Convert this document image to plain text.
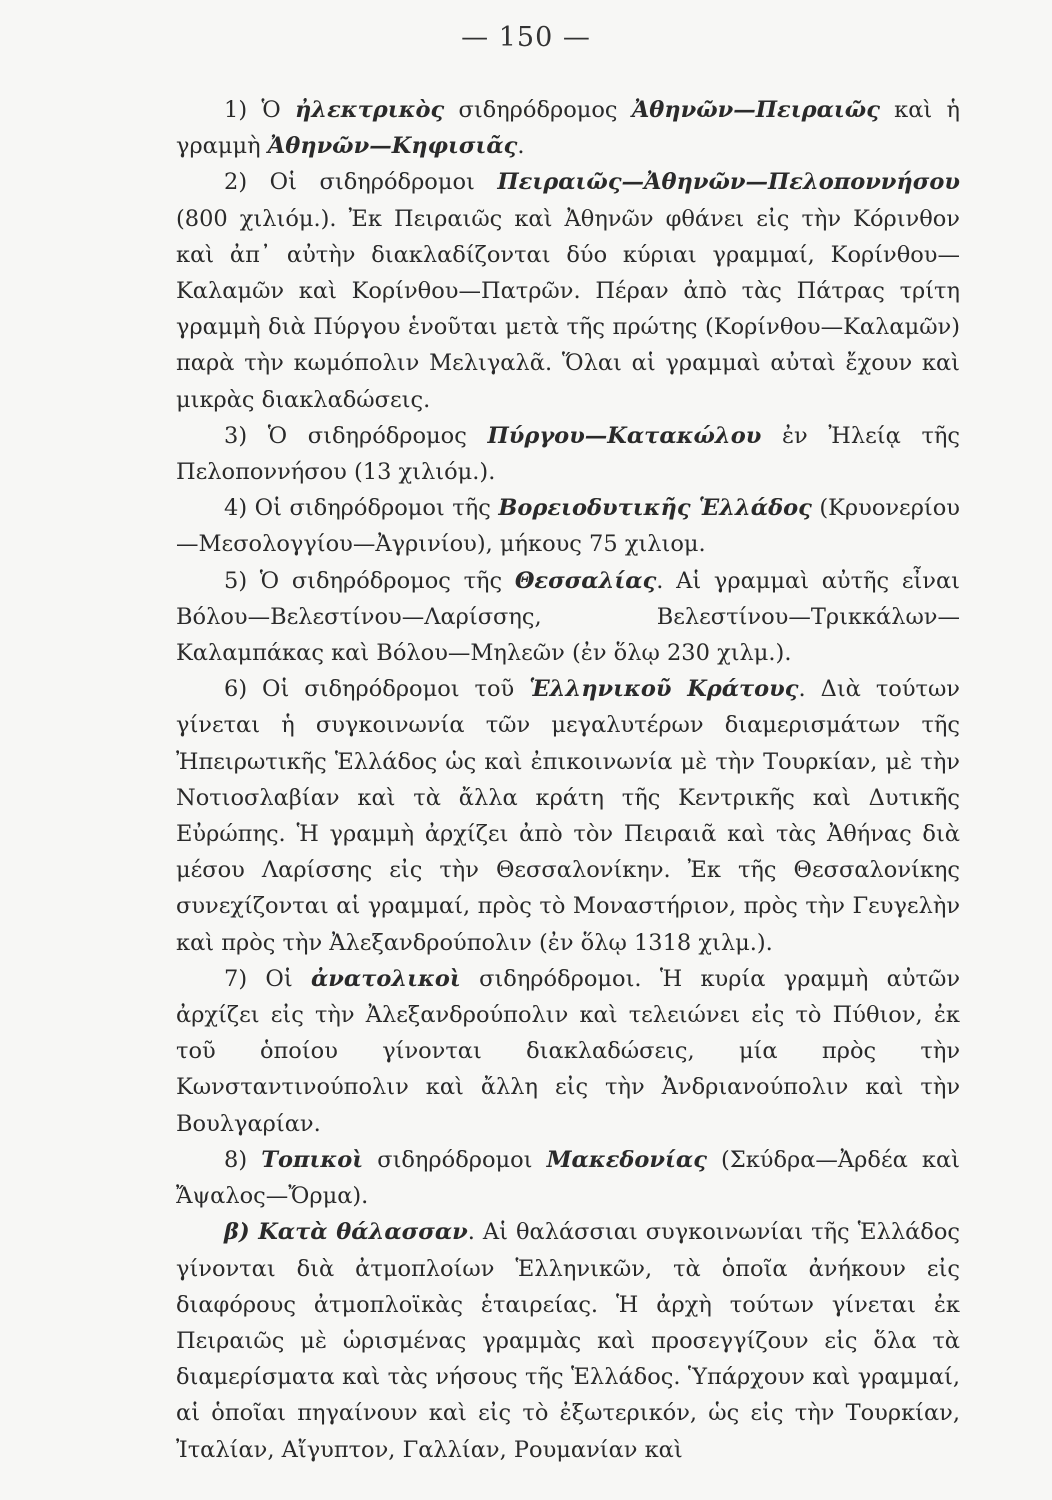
— 150 —

1) Ὁ ἠλεκτρικὸς σιδηρόδρομος Ἀθηνῶν—Πειραιῶς καὶ ἡ γραμμὴ Ἀθηνῶν—Κηφισιᾶς.

2) Οἱ σιδηρόδρομοι Πειραιῶς—Ἀθηνῶν—Πελοποννήσου (800 χιλιόμ.). Ἐκ Πειραιῶς καὶ Ἀθηνῶν φθάνει εἰς τὴν Κόρινθον καὶ ἀπ᾽ αὐτὴν διακλαδίζονται δύο κύριαι γραμμαί, Κορίνθου—Καλαμῶν καὶ Κορίνθου—Πατρῶν. Πέραν ἀπὸ τὰς Πάτρας τρίτη γραμμὴ διὰ Πύργου ἑνοῦται μετὰ τῆς πρώτης (Κορίνθου—Καλαμῶν) παρὰ τὴν κωμόπολιν Μελιγαλᾶ. Ὅλαι αἱ γραμμαὶ αὐταὶ ἔχουν καὶ μικρὰς διακλαδώσεις.

3) Ὁ σιδηρόδρομος Πύργου—Κατακώλου ἐν Ἠλείᾳ τῆς Πελοποννήσου (13 χιλιόμ.).

4) Οἱ σιδηρόδρομοι τῆς Βορειοδυτικῆς Ἑλλάδος (Κρυονερίου—Μεσολογγίου—Ἀγρινίου), μήκους 75 χιλιομ.

5) Ὁ σιδηρόδρομος τῆς Θεσσαλίας. Αἱ γραμμαὶ αὐτῆς εἶναι Βόλου—Βελεστίνου—Λαρίσσης, Βελεστίνου—Τρικκάλων—Καλαμπάκας καὶ Βόλου—Μηλεῶν (ἐν ὅλῳ 230 χιλμ.).

6) Οἱ σιδηρόδρομοι τοῦ Ἑλληνικοῦ Κράτους. Διὰ τούτων γίνεται ἡ συγκοινωνία τῶν μεγαλυτέρων διαμερισμάτων τῆς Ἠπειρωτικῆς Ἑλλάδος ὡς καὶ ἐπικοινωνία μὲ τὴν Τουρκίαν, μὲ τὴν Νοτιοσλαβίαν καὶ τὰ ἄλλα κράτη τῆς Κεντρικῆς καὶ Δυτικῆς Εὐρώπης. Ἡ γραμμὴ ἀρχίζει ἀπὸ τὸν Πειραιᾶ καὶ τὰς Ἀθήνας διὰ μέσου Λαρίσσης εἰς τὴν Θεσσαλονίκην. Ἐκ τῆς Θεσσαλονίκης συνεχίζονται αἱ γραμμαί, πρὸς τὸ Μοναστήριον, πρὸς τὴν Γευγελὴν καὶ πρὸς τὴν Ἀλεξανδρούπολιν (ἐν ὅλῳ 1318 χιλμ.).

7) Οἱ ἀνατολικοὶ σιδηρόδρομοι. Ἡ κυρία γραμμὴ αὐτῶν ἀρχίζει εἰς τὴν Ἀλεξανδρούπολιν καὶ τελειώνει εἰς τὸ Πύθιον, ἐκ τοῦ ὁποίου γίνονται διακλαδώσεις, μία πρὸς τὴν Κωνσταντινούπολιν καὶ ἄλλη εἰς τὴν Ἀνδριανούπολιν καὶ τὴν Βουλγαρίαν.

8) Τοπικοὶ σιδηρόδρομοι Μακεδονίας (Σκύδρα—Ἀρδέα καὶ Ἄψαλος—Ὄρμα).

β) Κατὰ θάλασσαν. Αἱ θαλάσσιαι συγκοινωνίαι τῆς Ἑλλάδος γίνονται διὰ ἀτμοπλοίων Ἑλληνικῶν, τὰ ὁποῖα ἀνήκουν εἰς διαφόρους ἀτμοπλοϊκὰς ἑταιρείας. Ἡ ἀρχὴ τούτων γίνεται ἐκ Πειραιῶς μὲ ὡρισμένας γραμμὰς καὶ προσεγγίζουν εἰς ὅλα τὰ διαμερίσματα καὶ τὰς νήσους τῆς Ἑλλάδος. Ὑπάρχουν καὶ γραμμαί, αἱ ὁποῖαι πηγαίνουν καὶ εἰς τὸ ἐξωτερικόν, ὡς εἰς τὴν Τουρκίαν, Ἰταλίαν, Αἴγυπτον, Γαλλίαν, Ρουμανίαν καὶ
